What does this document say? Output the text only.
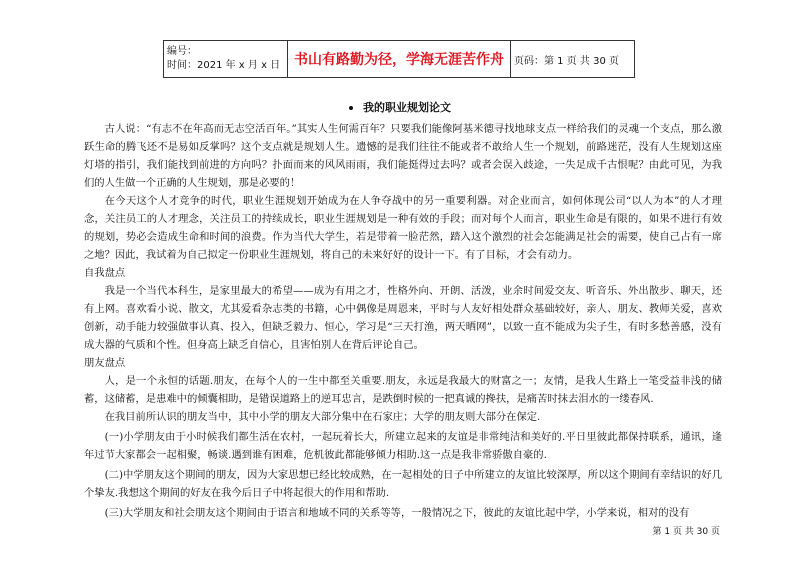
编号：
时间：2021 年 x 月 x 日	书山有路勤为径，学海无涯苦作舟	页码：第 1 页 共 30 页
我的职业规划论文

古人说：“有志不在年高而无志空活百年。”其实人生何需百年？只要我们能像阿基米德寻找地球支点一样给我们的灵魂一个支点，那么激跃生命的腾飞还不是易如反掌吗？这个支点就是规划人生。遗憾的是我们往往不能或者不敢给人生一个规划，前路迷茫，没有人生规划这座灯塔的指引，我们能找到前进的方向吗？扑面而来的风风雨雨，我们能挺得过去吗？或者会误入歧途，一失足成千古恨呢？由此可见，为我们的人生做一个正确的人生规划，那是必要的！

在今天这个人才竞争的时代，职业生涯规划开始成为在人争夺战中的另一重要利器。对企业而言，如何体现公司“以人为本”的人才理念，关注员工的人才理念，关注员工的持续成长，职业生涯规划是一种有效的手段；而对每个人而言，职业生命是有限的，如果不进行有效的规划，势必会造成生命和时间的浪费。作为当代大学生，若是带着一脸茫然，踏入这个激烈的社会怎能满足社会的需要，使自己占有一席之地？因此，我试着为自己拟定一份职业生涯规划，将自己的未来好好的设计一下。有了目标，才会有动力。

自我盘点

我是一个当代本科生，是家里最大的希望——成为有用之才，性格外向、开朗、活泼，业余时间爱交友、听音乐、外出散步、聊天，还有上网。喜欢看小说、散文，尤其爱看杂志类的书籍，心中偶像是周恩来，平时与人友好相处群众基础较好，亲人、朋友、教师关爱，喜欢创新，动手能力较强做事认真、投入，但缺乏毅力、恒心，学习是“三天打渔，两天晒网”，以致一直不能成为尖子生，有时多愁善感，没有成大器的气质和个性。但身高上缺乏自信心，且害怕别人在背后评论自己。

朋友盘点

人，是一个永恒的话题.朋友，在每个人的一生中都至关重要.朋友，永远是我最大的财富之一；友情，是我人生路上一笔受益非浅的储蓄，这储蓄，是患难中的倾囊相助，是错误道路上的逆耳忠言，是跌倒时候的一把真诚的搀扶，是痛苦时抹去泪水的一缕春风.

在我目前所认识的朋友当中，其中小学的朋友大部分集中在石家庄；大学的朋友则大部分在保定.

(一)小学朋友由于小时候我们都生活在农村，一起玩着长大，所建立起来的友谊是非常纯洁和美好的.平日里彼此都保持联系，通讯，逢年过节大家都会一起相聚，畅谈.遇到谁有困难，危机彼此都能够倾力相助.这一点是我非常骄傲自豪的.

(二)中学朋友这个期间的朋友，因为大家思想已经比较成熟，在一起相处的日子中所建立的友谊比较深厚，所以这个期间有幸结识的好几个挚友.我想这个期间的好友在我今后日子中将起很大的作用和帮助.

(三)大学朋友和社会朋友这个期间由于语言和地域不同的关系等等，一般情况之下，彼此的友谊比起中学，小学来说，相对的没有

第 1 页 共 30 页
